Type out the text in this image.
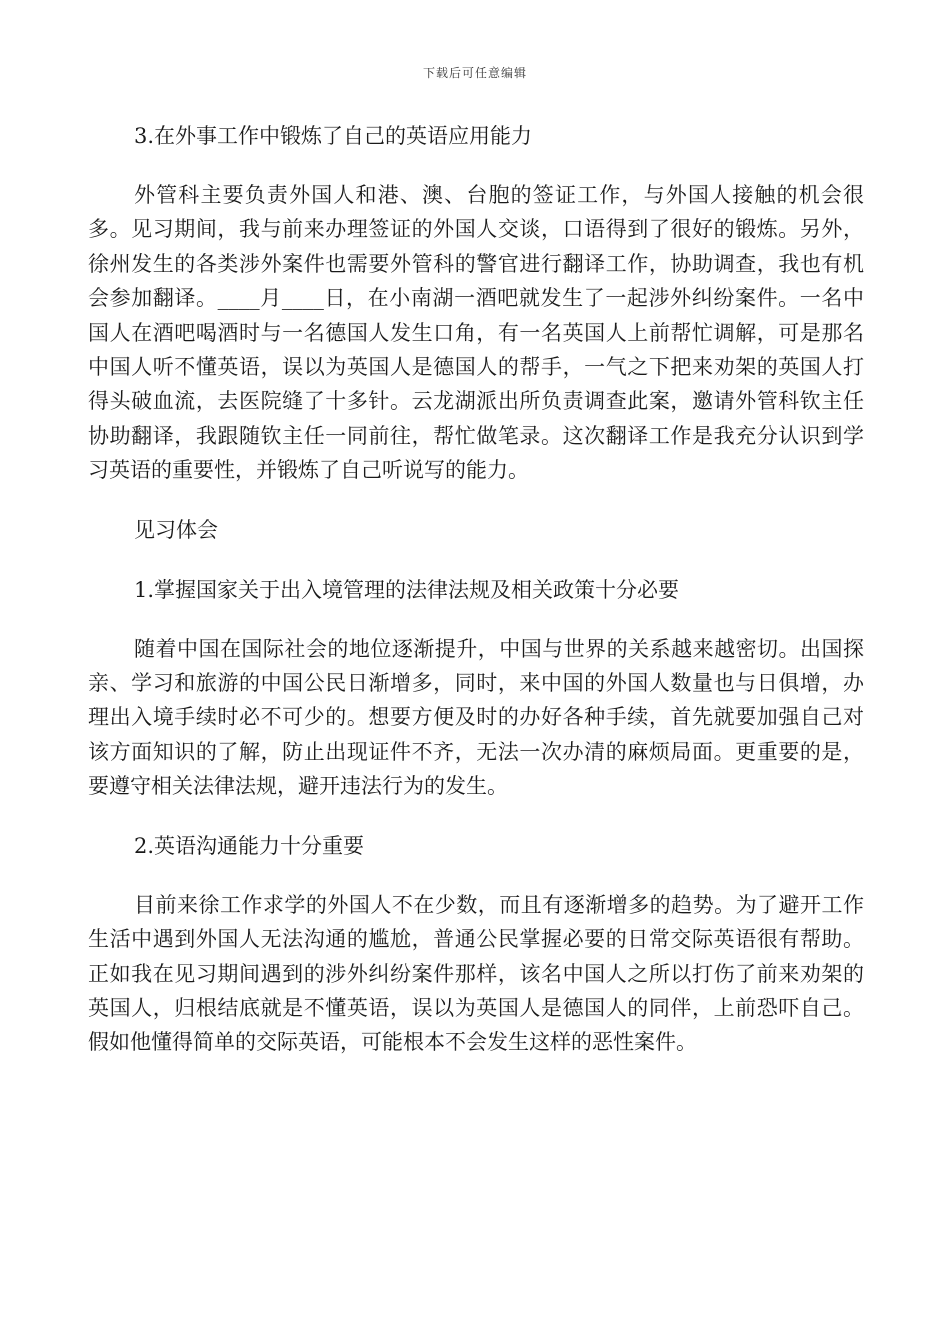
下载后可任意编辑
3.在外事工作中锻炼了自己的英语应用能力
外管科主要负责外国人和港、澳、台胞的签证工作，与外国人接触的机会很多。见习期间，我与前来办理签证的外国人交谈，口语得到了很好的锻炼。另外，徐州发生的各类涉外案件也需要外管科的警官进行翻译工作，协助调查，我也有机会参加翻译。____月____日，在小南湖一酒吧就发生了一起涉外纠纷案件。一名中国人在酒吧喝酒时与一名德国人发生口角，有一名英国人上前帮忙调解，可是那名中国人听不懂英语，误以为英国人是德国人的帮手，一气之下把来劝架的英国人打得头破血流，去医院缝了十多针。云龙湖派出所负责调查此案，邀请外管科钦主任协助翻译，我跟随钦主任一同前往，帮忙做笔录。这次翻译工作是我充分认识到学习英语的重要性，并锻炼了自己听说写的能力。
见习体会
1.掌握国家关于出入境管理的法律法规及相关政策十分必要
随着中国在国际社会的地位逐渐提升，中国与世界的关系越来越密切。出国探亲、学习和旅游的中国公民日渐增多，同时，来中国的外国人数量也与日俱增，办理出入境手续时必不可少的。想要方便及时的办好各种手续，首先就要加强自己对该方面知识的了解，防止出现证件不齐，无法一次办清的麻烦局面。更重要的是，要遵守相关法律法规，避开违法行为的发生。
2.英语沟通能力十分重要
目前来徐工作求学的外国人不在少数，而且有逐渐增多的趋势。为了避开工作生活中遇到外国人无法沟通的尴尬，普通公民掌握必要的日常交际英语很有帮助。正如我在见习期间遇到的涉外纠纷案件那样，该名中国人之所以打伤了前来劝架的英国人，归根结底就是不懂英语，误以为英国人是德国人的同伴，上前恐吓自己。假如他懂得简单的交际英语，可能根本不会发生这样的恶性案件。
